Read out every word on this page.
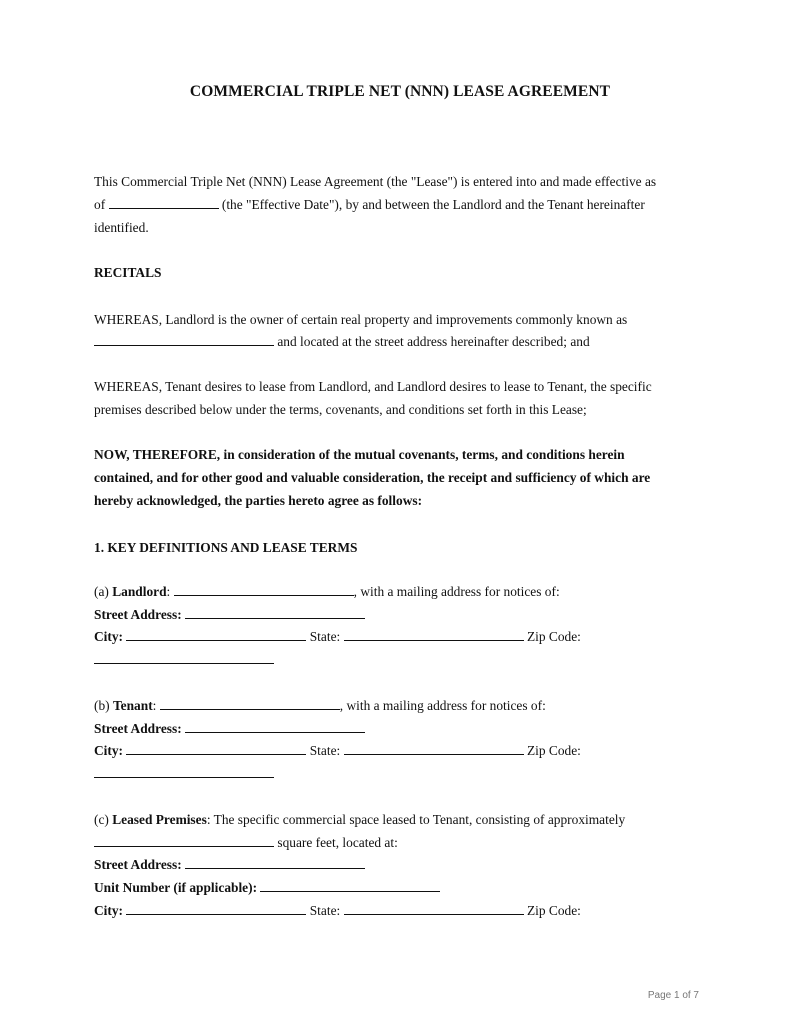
COMMERCIAL TRIPLE NET (NNN) LEASE AGREEMENT
This Commercial Triple Net (NNN) Lease Agreement (the "Lease") is entered into and made effective as
of	(the "Effective Date"), by and between the Landlord and the Tenant hereinafter
identified.
RECITALS
WHEREAS, Landlord is the owner of certain real property and improvements commonly known as
and located at the street address hereinafter described; and
WHEREAS, Tenant desires to lease from Landlord, and Landlord desires to lease to Tenant, the specific
premises described below under the terms, covenants, and conditions set forth in this Lease;
NOW, THEREFORE, in consideration of the mutual covenants, terms, and conditions herein
contained, and for other good and valuable consideration, the receipt and sufficiency of which are
hereby acknowledged, the parties hereto agree as follows:
1. KEY DEFINITIONS AND LEASE TERMS
(a) Landlord:	, with a mailing address for notices of:
Street Address:
City:	State:	Zip Code:
(b) Tenant:	, with a mailing address for notices of:
Street Address:
City:	State:	Zip Code:
(c) Leased Premises: The specific commercial space leased to Tenant, consisting of approximately
square feet, located at:
Street Address:
Unit Number (if applicable):
City:	State:	Zip Code:
Page 1 of 7
